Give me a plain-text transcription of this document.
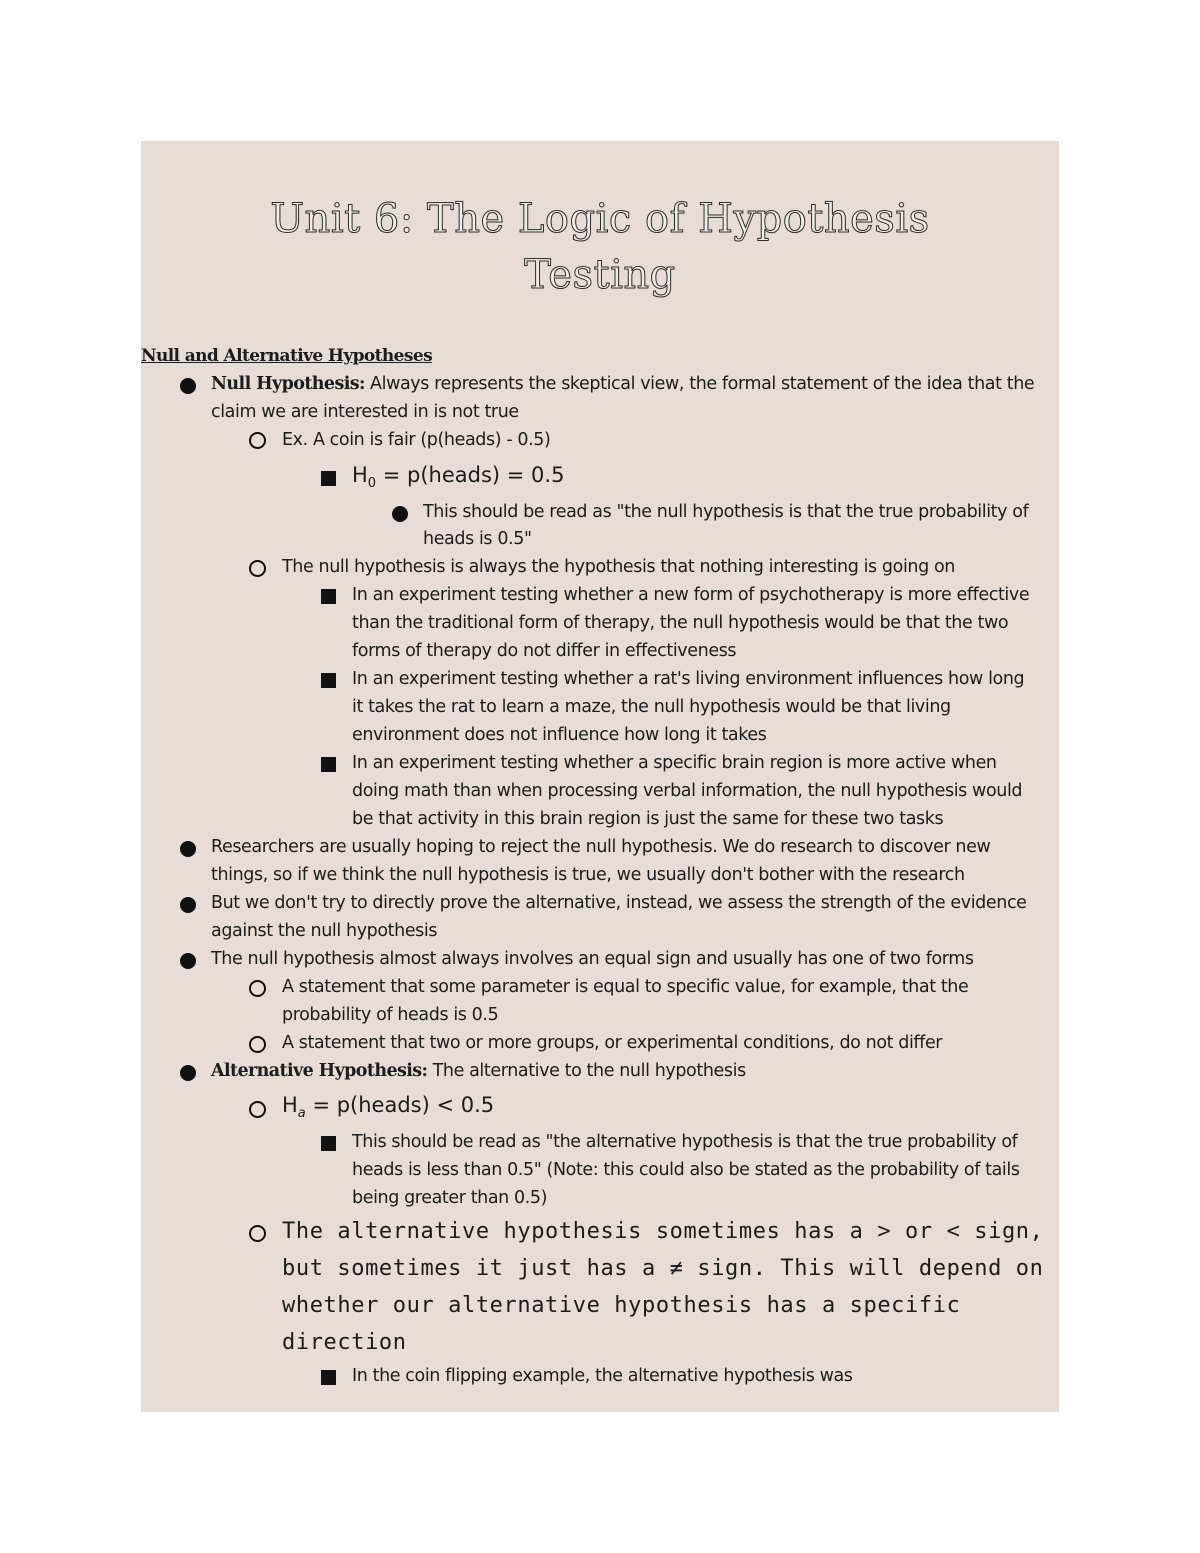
Unit 6: The Logic of Hypothesis
Testing
Null and Alternative Hypotheses
Null Hypothesis: Always represents the skeptical view, the formal statement of the idea that the
claim we are interested in is not true
Ex. A coin is fair (p(heads) - 0.5)
$H_0$ = p(heads) = 0.5
This should be read as "the null hypothesis is that the true probability of
heads is 0.5"
The null hypothesis is always the hypothesis that nothing interesting is going on
In an experiment testing whether a new form of psychotherapy is more effective
than the traditional form of therapy, the null hypothesis would be that the two
forms of therapy do not differ in effectiveness
In an experiment testing whether a rat's living environment influences how long
it takes the rat to learn a maze, the null hypothesis would be that living
environment does not influence how long it takes
In an experiment testing whether a specific brain region is more active when
doing math than when processing verbal information, the null hypothesis would
be that activity in this brain region is just the same for these two tasks
Researchers are usually hoping to reject the null hypothesis. We do research to discover new
things, so if we think the null hypothesis is true, we usually don't bother with the research
But we don't try to directly prove the alternative, instead, we assess the strength of the evidence
against the null hypothesis
The null hypothesis almost always involves an equal sign and usually has one of two forms
A statement that some parameter is equal to specific value, for example, that the
probability of heads is 0.5
A statement that two or more groups, or experimental conditions, do not differ
Alternative Hypothesis: The alternative to the null hypothesis
$H_a$ = p(heads) < 0.5
This should be read as "the alternative hypothesis is that the true probability of
heads is less than 0.5" (Note: this could also be stated as the probability of tails
being greater than 0.5)
The alternative hypothesis sometimes has a > or < sign,
but sometimes it just has a ≠ sign. This will depend on
whether our alternative hypothesis has a specific
direction
In the coin flipping example, the alternative hypothesis was
